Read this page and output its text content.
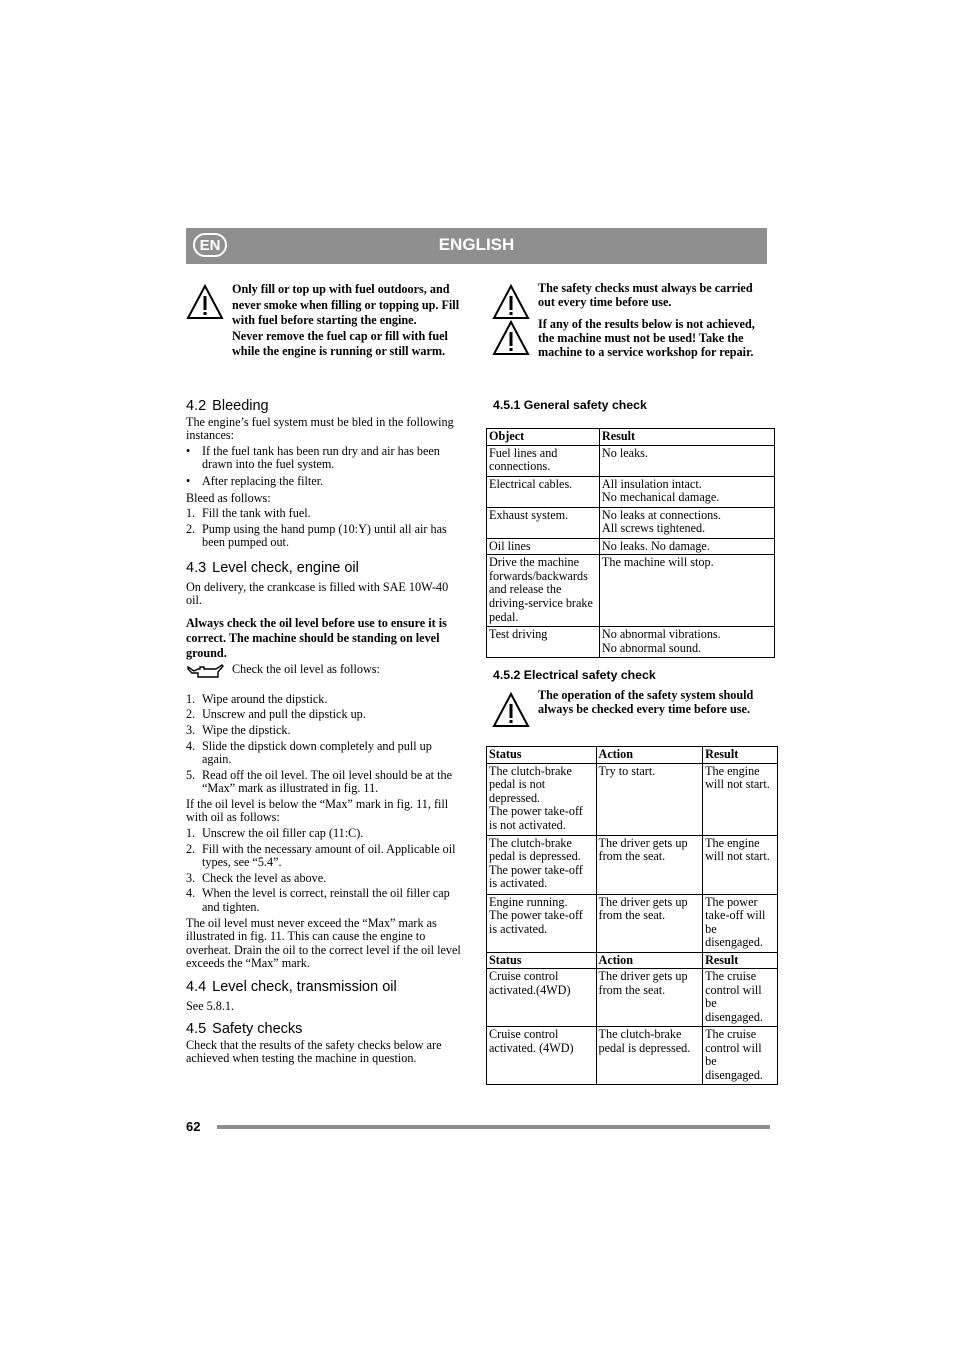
EN	ENGLISH
Only fill or top up with fuel outdoors, and never smoke when filling or topping up. Fill with fuel before starting the engine.
Never remove the fuel cap or fill with fuel while the engine is running or still warm.
4.2 Bleeding

The engine’s fuel system must be bled in the following instances:

• If the fuel tank has been run dry and air has been drawn into the fuel system.

• After replacing the filter.

Bleed as follows:

1. Fill the tank with fuel.

2. Pump using the hand pump (10:Y) until all air has been pumped out.

4.3 Level check, engine oil

On delivery, the crankcase is filled with SAE 10W-40 oil.

Always check the oil level before use to ensure it is correct. The machine should be standing on level ground.

Check the oil level as follows:

1. Wipe around the dipstick.

2. Unscrew and pull the dipstick up.

3. Wipe the dipstick.

4. Slide the dipstick down completely and pull up again.

5. Read off the oil level. The oil level should be at the “Max” mark as illustrated in fig. 11.

If the oil level is below the “Max” mark in fig. 11, fill with oil as follows:

1. Unscrew the oil filler cap (11:C).

2. Fill with the necessary amount of oil. Applicable oil types, see “5.4”.

3. Check the level as above.

4. When the level is correct, reinstall the oil filler cap and tighten.

The oil level must never exceed the “Max” mark as illustrated in fig. 11. This can cause the engine to overheat. Drain the oil to the correct level if the oil level exceeds the “Max” mark.

4.4 Level check, transmission oil

See 5.8.1.

4.5 Safety checks

Check that the results of the safety checks below are achieved when testing the machine in question.

The safety checks must always be carried out every time before use.
If any of the results below is not achieved, the machine must not be used! Take the machine to a service workshop for repair.
4.5.1 General safety check
Object	Result
Fuel lines and connections.	No leaks.
Electrical cables.	All insulation intact.
No mechanical damage.
Exhaust system.	No leaks at connections.
All screws tightened.
Oil lines	No leaks. No damage.
Drive the machine forwards/backwards and release the driving-service brake pedal.	The machine will stop.
Test driving	No abnormal vibrations.
No abnormal sound.
4.5.2 Electrical safety check
The operation of the safety system should always be checked every time before use.
Status	Action	Result
The clutch-brake pedal is not depressed.
The power take-off is not activated.	Try to start.	The engine will not start.
The clutch-brake pedal is depressed.
The power take-off is activated.	The driver gets up from the seat.	The engine will not start.
Engine running.
The power take-off is activated.	The driver gets up from the seat.	The power take-off will be disengaged.
Status	Action	Result
Cruise control activated.(4WD)	The driver gets up from the seat.	The cruise control will be disengaged.
Cruise control activated. (4WD)	The clutch-brake pedal is depressed.	The cruise control will be disengaged.
62
